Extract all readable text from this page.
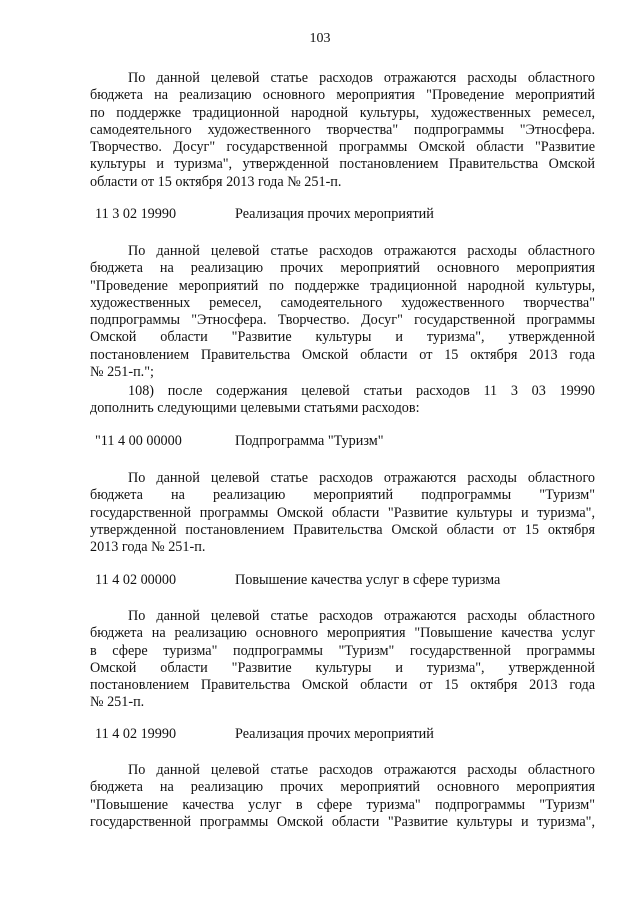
103
По данной целевой статье расходов отражаются расходы областного
бюджета на реализацию основного мероприятия "Проведение мероприятий
по поддержке традиционной народной культуры, художественных ремесел,
самодеятельного художественного творчества" подпрограммы "Этносфера.
Творчество. Досуг" государственной программы Омской области "Развитие
культуры и туризма", утвержденной постановлением Правительства Омской
области от 15 октября 2013 года № 251-п.
11 3 02 19990	Реализация прочих мероприятий
По данной целевой статье расходов отражаются расходы областного
бюджета на реализацию прочих мероприятий основного мероприятия
"Проведение мероприятий по поддержке традиционной народной культуры,
художественных ремесел, самодеятельного художественного творчества"
подпрограммы "Этносфера. Творчество. Досуг" государственной программы
Омской области "Развитие культуры и туризма", утвержденной
постановлением Правительства Омской области от 15 октября 2013 года
№ 251-п.";
108) после содержания целевой статьи расходов 11 3 03 19990
дополнить следующими целевыми статьями расходов:
"11 4 00 00000	Подпрограмма "Туризм"
По данной целевой статье расходов отражаются расходы областного
бюджета на реализацию мероприятий подпрограммы "Туризм"
государственной программы Омской области "Развитие культуры и туризма",
утвержденной постановлением Правительства Омской области от 15 октября
2013 года № 251-п.
11 4 02 00000	Повышение качества услуг в сфере туризма
По данной целевой статье расходов отражаются расходы областного
бюджета на реализацию основного мероприятия "Повышение качества услуг
в сфере туризма" подпрограммы "Туризм" государственной программы
Омской области "Развитие культуры и туризма", утвержденной
постановлением Правительства Омской области от 15 октября 2013 года
№ 251-п.
11 4 02 19990	Реализация прочих мероприятий
По данной целевой статье расходов отражаются расходы областного
бюджета на реализацию прочих мероприятий основного мероприятия
"Повышение качества услуг в сфере туризма" подпрограммы "Туризм"
государственной программы Омской области "Развитие культуры и туризма",
